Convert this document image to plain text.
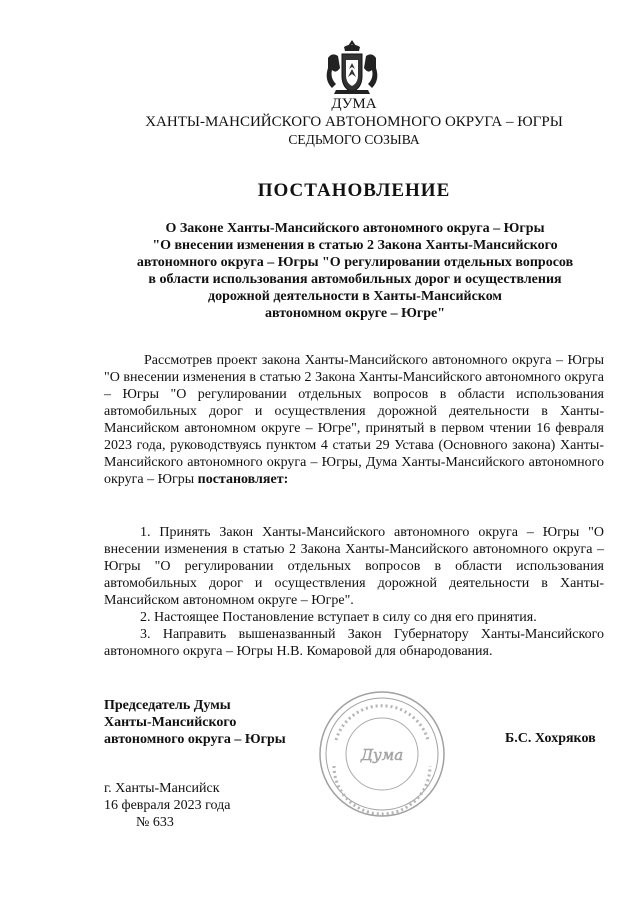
ДУМА
ХАНТЫ-МАНСИЙСКОГО АВТОНОМНОГО ОКРУГА – ЮГРЫ
СЕДЬМОГО СОЗЫВА
ПОСТАНОВЛЕНИЕ
О Законе Ханты-Мансийского автономного округа – Югры
"О внесении изменения в статью 2 Закона Ханты-Мансийского
автономного округа – Югры "О регулировании отдельных вопросов
в области использования автомобильных дорог и осуществления
дорожной деятельности в Ханты-Мансийском
автономном округе – Югре"
Рассмотрев проект закона Ханты-Мансийского автономного округа – Югры "О внесении изменения в статью 2 Закона Ханты-Мансийского автономного округа – Югры "О регулировании отдельных вопросов в области использования автомобильных дорог и осуществления дорожной деятельности в Ханты-Мансийском автономном округе – Югре", принятый в первом чтении 16 февраля 2023 года, руководствуясь пунктом 4 статьи 29 Устава (Основного закона) Ханты-Мансийского автономного округа – Югры, Дума Ханты-Мансийского автономного округа – Югры постановляет:

1. Принять Закон Ханты-Мансийского автономного округа – Югры "О внесении изменения в статью 2 Закона Ханты-Мансийского автономного округа – Югры "О регулировании отдельных вопросов в области использования автомобильных дорог и осуществления дорожной деятельности в Ханты-Мансийском автономном округе – Югре".

2. Настоящее Постановление вступает в силу со дня его принятия.

3. Направить вышеназванный Закон Губернатору Ханты-Мансийского автономного округа – Югры Н.В. Комаровой для обнародования.

Председатель Думы
Ханты-Мансийского
автономного округа – Югры
Дума
Б.С. Хохряков
г. Ханты-Мансийск
16 февраля 2023 года
№ 633
